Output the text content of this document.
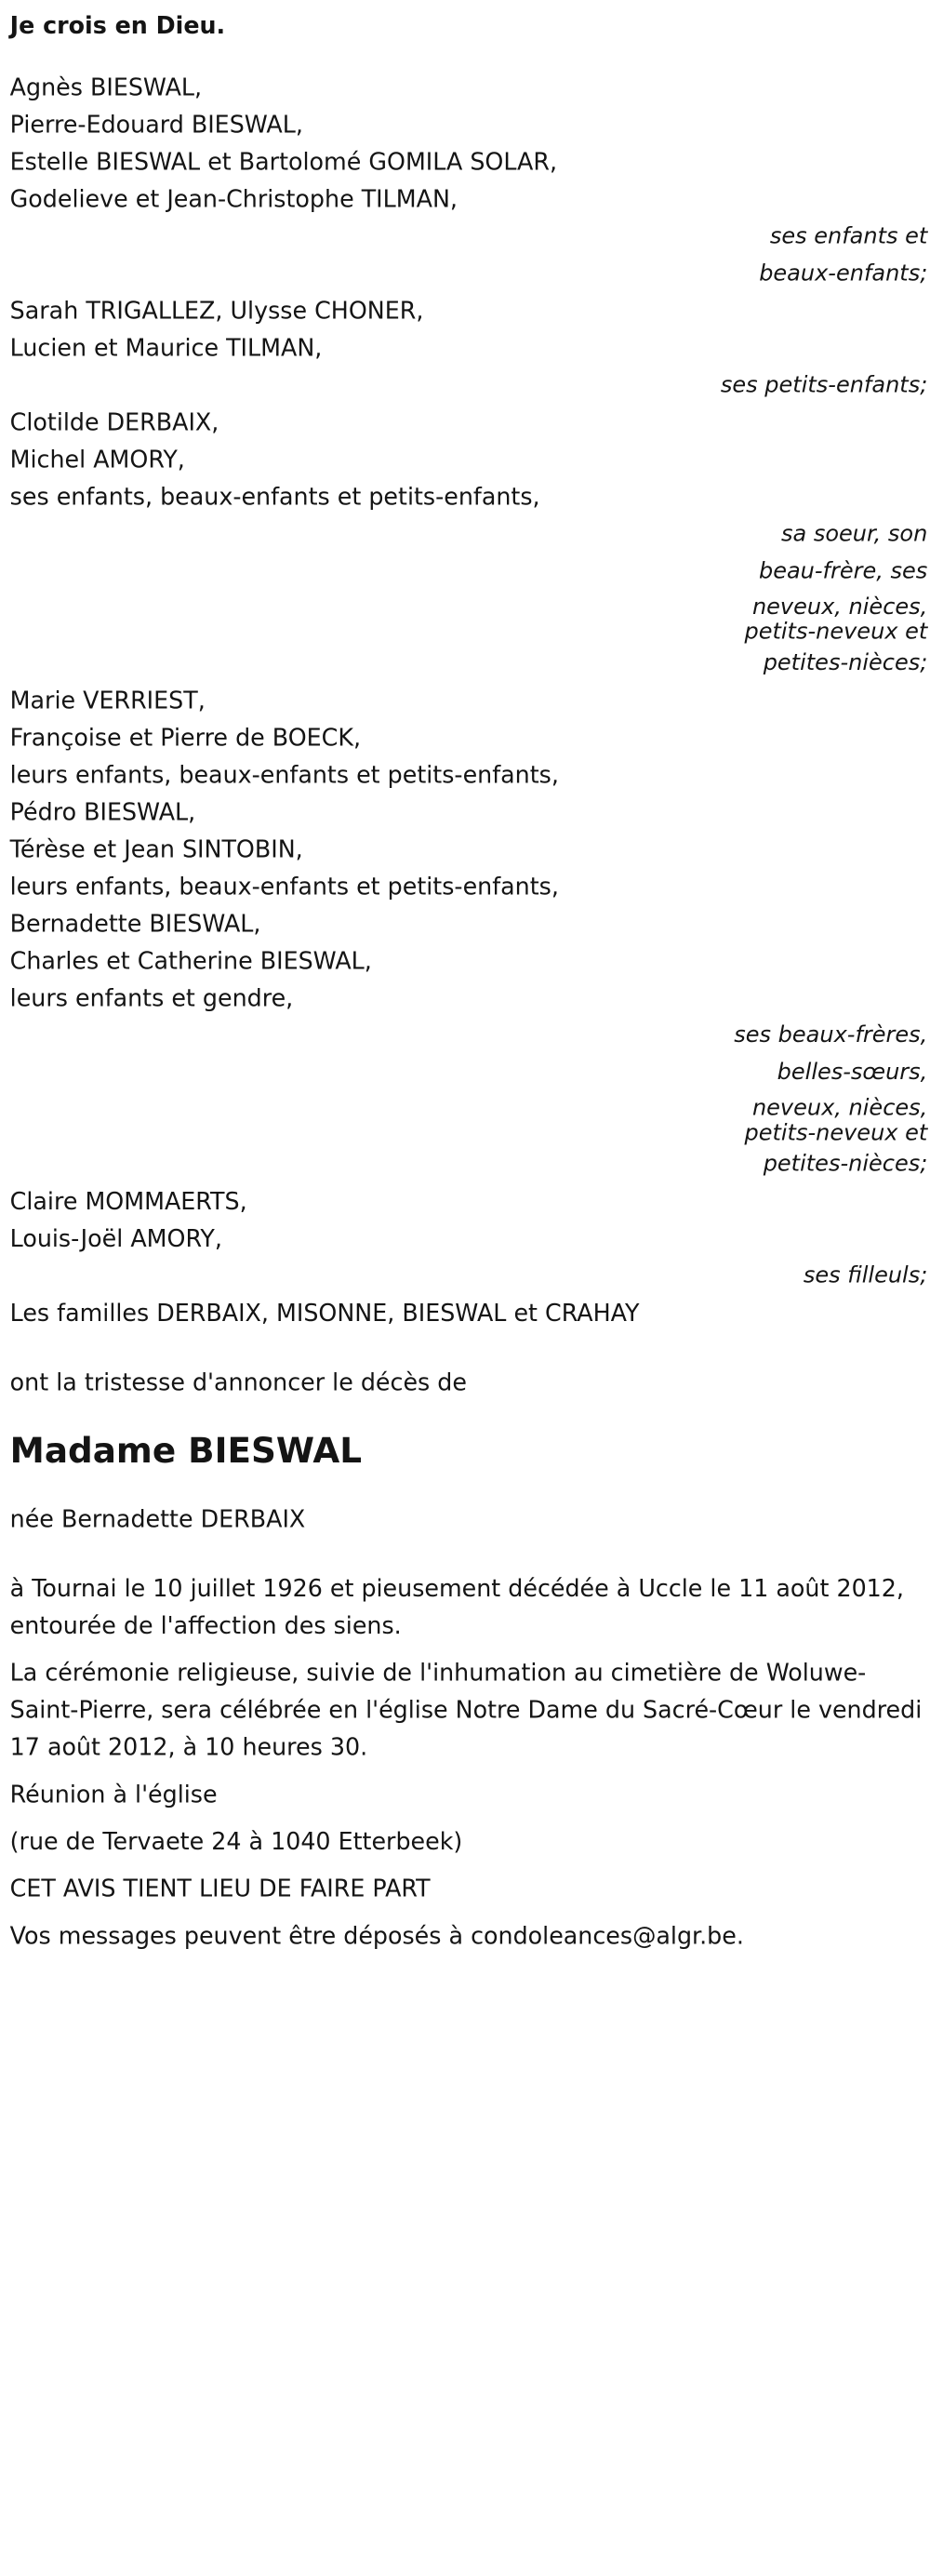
Je crois en Dieu.
Agnès BIESWAL,
Pierre-Edouard BIESWAL,
Estelle BIESWAL et Bartolomé GOMILA SOLAR,
Godelieve et Jean-Christophe TILMAN,
ses enfants et
beaux-enfants;
Sarah TRIGALLEZ, Ulysse CHONER,
Lucien et Maurice TILMAN,
ses petits-enfants;
Clotilde DERBAIX,
Michel AMORY,
ses enfants, beaux-enfants et petits-enfants,
sa soeur, son
beau-frère, ses
neveux, nièces,
petits-neveux et
petites-nièces;
Marie VERRIEST,
Françoise et Pierre de BOECK,
leurs enfants, beaux-enfants et petits-enfants,
Pédro BIESWAL,
Térèse et Jean SINTOBIN,
leurs enfants, beaux-enfants et petits-enfants,
Bernadette BIESWAL,
Charles et Catherine BIESWAL,
leurs enfants et gendre,
ses beaux-frères,
belles-sœurs,
neveux, nièces,
petits-neveux et
petites-nièces;
Claire MOMMAERTS,
Louis-Joël AMORY,
ses filleuls;
Les familles DERBAIX, MISONNE, BIESWAL et CRAHAY
ont la tristesse d'annoncer le décès de
Madame BIESWAL
née Bernadette DERBAIX
à Tournai le 10 juillet 1926 et pieusement décédée à Uccle le 11 août 2012, entourée de l'affection des siens.
La cérémonie religieuse, suivie de l'inhumation au cimetière de Woluwe-Saint-Pierre, sera célébrée en l'église Notre Dame du Sacré-Cœur le vendredi 17 août 2012, à 10 heures 30.
Réunion à l'église
(rue de Tervaete 24 à 1040 Etterbeek)
CET AVIS TIENT LIEU DE FAIRE PART
Vos messages peuvent être déposés à condoleances@algr.be.
